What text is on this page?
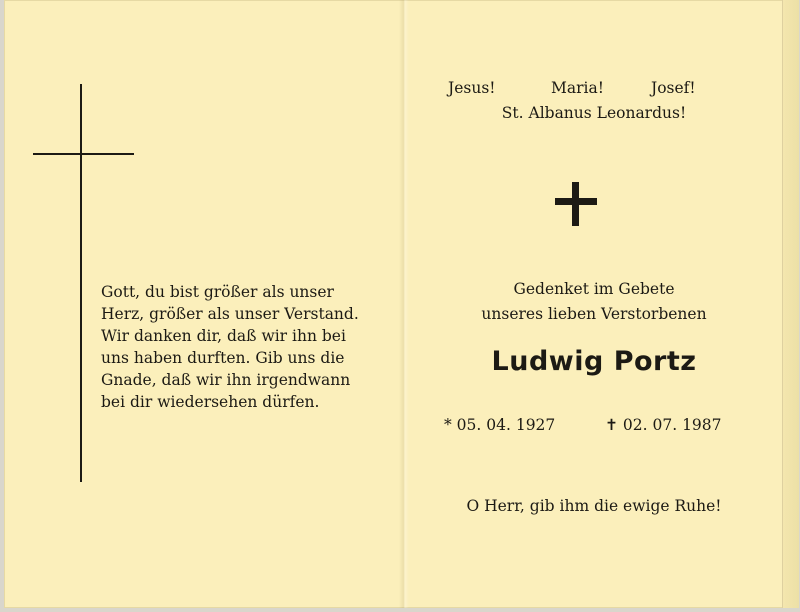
Gott, du bist größer als unser
Herz, größer als unser Verstand.
Wir danken dir, daß wir ihn bei
uns haben durften. Gib uns die
Gnade, daß wir ihn irgendwann
bei dir wiedersehen dürfen.
Jesus!	Maria!	Josef!
St. Albanus Leonardus!
Gedenket im Gebete
unseres lieben Verstorbenen
Ludwig Portz
* 05. 04. 1927	✝ 02. 07. 1987
O Herr, gib ihm die ewige Ruhe!
